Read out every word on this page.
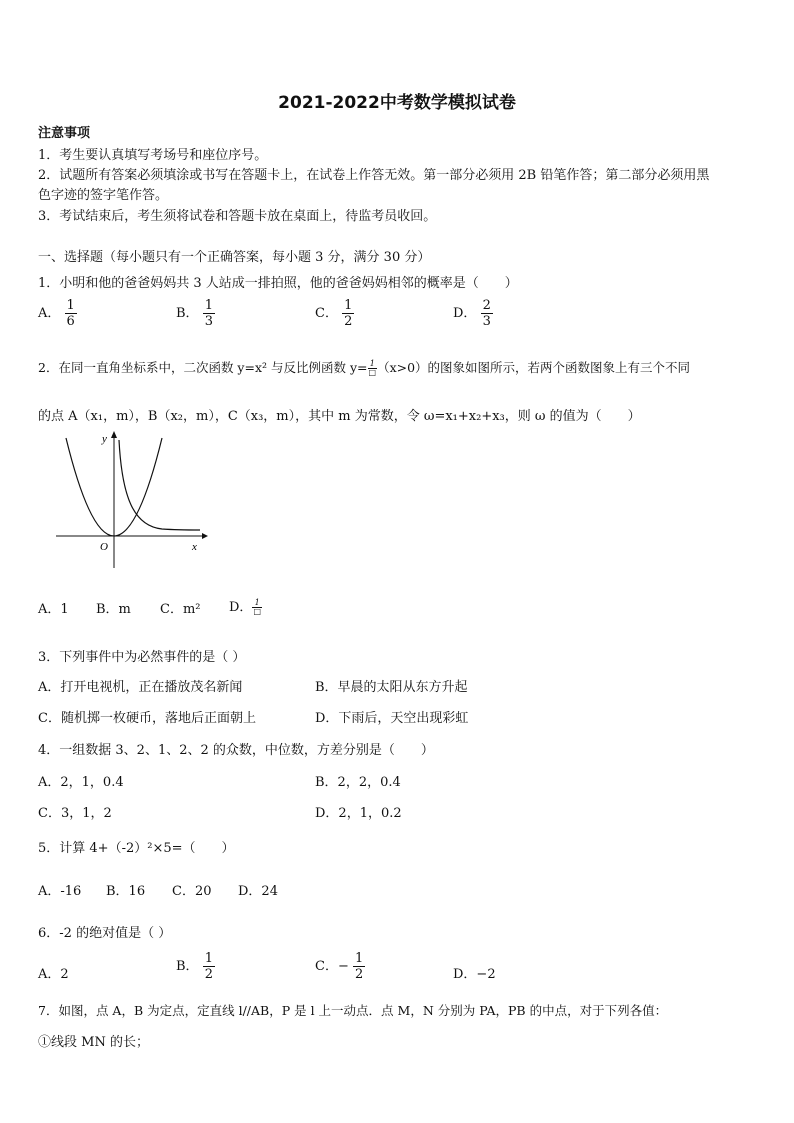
2021-2022中考数学模拟试卷
注意事项
1．考生要认真填写考场号和座位序号。
2．试题所有答案必须填涂或书写在答题卡上，在试卷上作答无效。第一部分必须用 2B 铅笔作答；第二部分必须用黑
色字迹的签字笔作答。
3．考试结束后，考生须将试卷和答题卡放在桌面上，待监考员收回。
一、选择题（每小题只有一个正确答案，每小题 3 分，满分 30 分）
1．小明和他的爸爸妈妈共 3 人站成一排拍照，他的爸爸妈妈相邻的概率是（　　）
A． $\frac{1}{6}$	B． $\frac{1}{3}$	C． $\frac{1}{2}$	D． $\frac{2}{3}$
2．在同一直角坐标系中，二次函数 y=x² 与反比例函数 $y= \frac{1}{□} (x>0)$的图象如图所示，若两个函数图象上有三个不同
的点 A（x₁，m），B（x₂，m），C（x₃，m），其中 m 为常数，令 ω=x₁+x₂+x₃，则 ω 的值为（　　）
y
x
O
A．1 B．m C．m² D． $\frac{1}{□}$
3．下列事件中为必然事件的是（ ）
A．打开电视机，正在播放茂名新闻	B．早晨的太阳从东方升起
C．随机掷一枚硬币，落地后正面朝上	D．下雨后，天空出现彩虹
4．一组数据 3、2、1、2、2 的众数，中位数，方差分别是（　　）
A．2，1，0.4	B．2，2，0.4
C．3，1，2	D．2，1，0.2
5．计算 4+（-2）²×5=（　　）
A．-16 B．16 C．20 D．24
6．-2 的绝对值是（ ）
A．2
B． $\frac{1}{2}$	C．− $\frac{1}{2}$	D．−2
7．如图，点 A，B 为定点，定直线 l//AB，P 是 l 上一动点．点 M，N 分别为 PA，PB 的中点，对于下列各值：
①线段 MN 的长；
